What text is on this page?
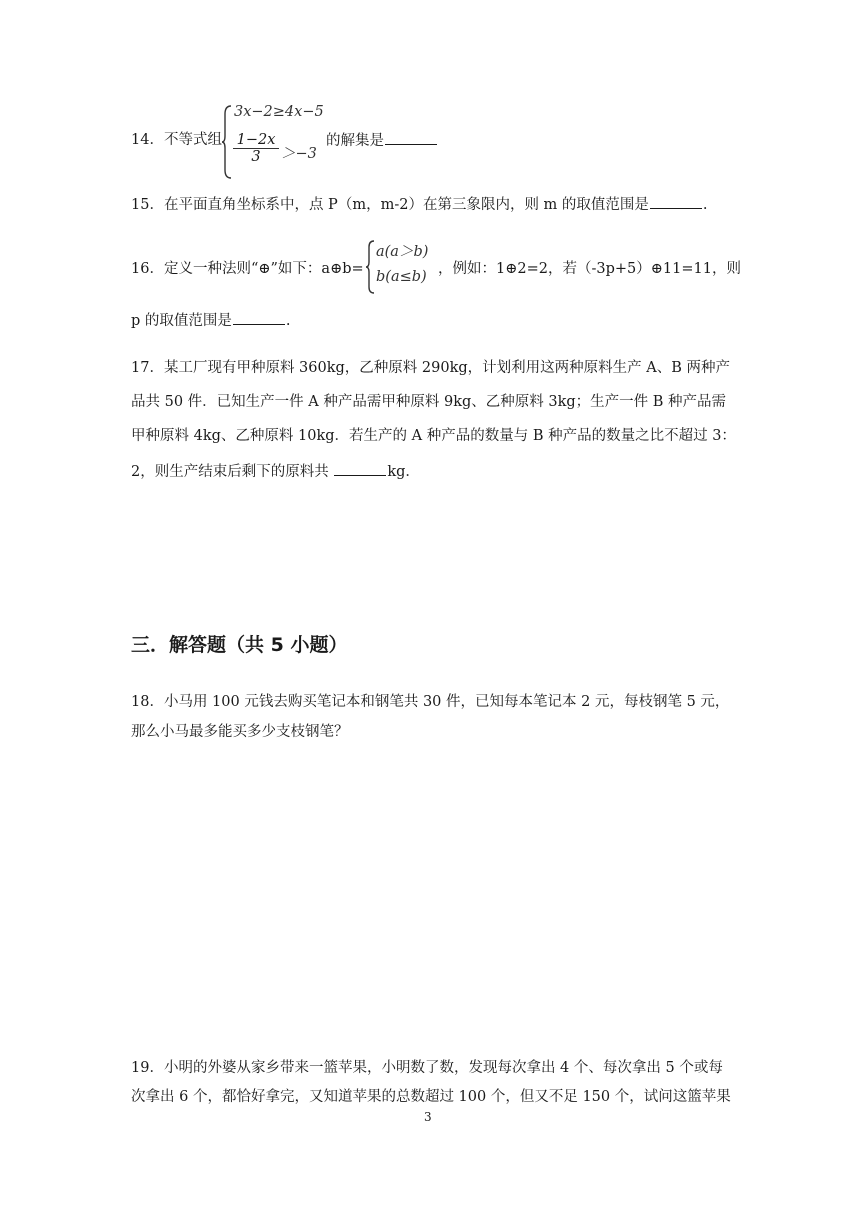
14．不等式组
3x−2≥4x−5
$\frac{1-2x}{3} >-3$
的解集是
15．在平面直角坐标系中，点 P（m，m-2）在第三象限内，则 m 的取值范围是	.
16．定义一种法则“⊕”如下：a⊕b=
a(a＞b)
b(a≤b) ，例如：1⊕2=2，若（-3p+5）⊕11=11，则
p 的取值范围是	.
17．某工厂现有甲种原料 360kg，乙种原料 290kg，计划利用这两种原料生产 A、B 两种产
品共 50 件．已知生产一件 A 种产品需甲种原料 9kg、乙种原料 3kg；生产一件 B 种产品需
甲种原料 4kg、乙种原料 10kg．若生产的 A 种产品的数量与 B 种产品的数量之比不超过 3：
2，则生产结束后剩下的原料共	kg．
三．解答题（共 5 小题）
18．小马用 100 元钱去购买笔记本和钢笔共 30 件，已知每本笔记本 2 元，每枝钢笔 5 元，
那么小马最多能买多少支枝钢笔？
19．小明的外婆从家乡带来一篮苹果，小明数了数，发现每次拿出 4 个、每次拿出 5 个或每
次拿出 6 个，都恰好拿完，又知道苹果的总数超过 100 个，但又不足 150 个，试问这篮苹果
3
